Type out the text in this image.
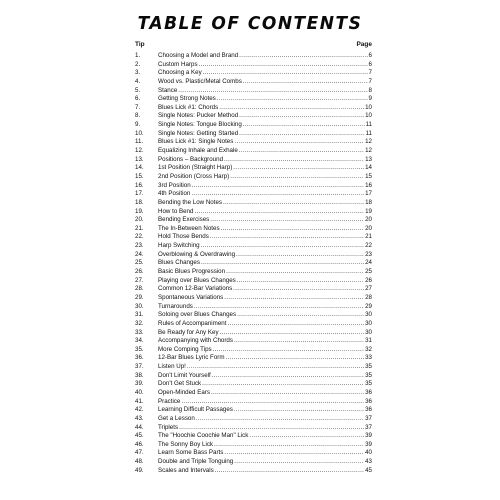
TABLE OF CONTENTS
Tip	Page
1.	Choosing a Model and Brand .....	6
2.	Custom Harps .....	6
3.	Choosing a Key .....	7
4.	Wood vs. Plastic/Metal Combs .....	7
5.	Stance .....	8
6.	Getting Strong Notes .....	9
7.	Blues Lick #1: Chords .....	10
8.	Single Notes: Pucker Method .....	10
9.	Single Notes: Tongue Blocking .....	11
10. Single Notes: Getting Started .....	11
11. Blues Lick #1: Single Notes .....	12
12. Equalizing Inhale and Exhale .....	12
13. Positions – Background .....	13
14. 1st Position (Straight Harp) .....	14
15. 2nd Position (Cross Harp) .....	15
16. 3rd Position .....	16
17. 4th Position .....	17
18. Bending the Low Notes .....	18
19. How to Bend .....	19
20. Bending Exercises .....	20
21. The In-Between Notes .....	20
22. Hold Those Bends .....	21
23. Harp Switching .....	22
24. Overblowing & Overdrawing .....	23
25. Blues Changes .....	24
26. Basic Blues Progression .....	25
27. Playing over Blues Changes .....	26
28. Common 12-Bar Variations .....	27
29. Spontaneous Variations .....	28
30. Turnarounds .....	29
31. Soloing over Blues Changes .....	30
32. Rules of Accompaniment .....	30
33. Be Ready for Any Key .....	30
34. Accompanying with Chords .....	31
35. More Comping Tips .....	32
36. 12-Bar Blues Lyric Form .....	33
37. Listen Up! .....	35
38. Don't Limit Yourself .....	35
39. Don't Get Stuck .....	35
40. Open-Minded Ears .....	36
41. Practice .....	36
42. Learning Difficult Passages .....	36
43. Get a Lesson .....	37
44. Triplets .....	37
45. The "Hoochie Coochie Man" Lick .....	39
46. The Sonny Boy Lick .....	39
47. Learn Some Bass Parts .....	40
48. Double and Triple Tonguing .....	43
49. Scales and Intervals .....	45
